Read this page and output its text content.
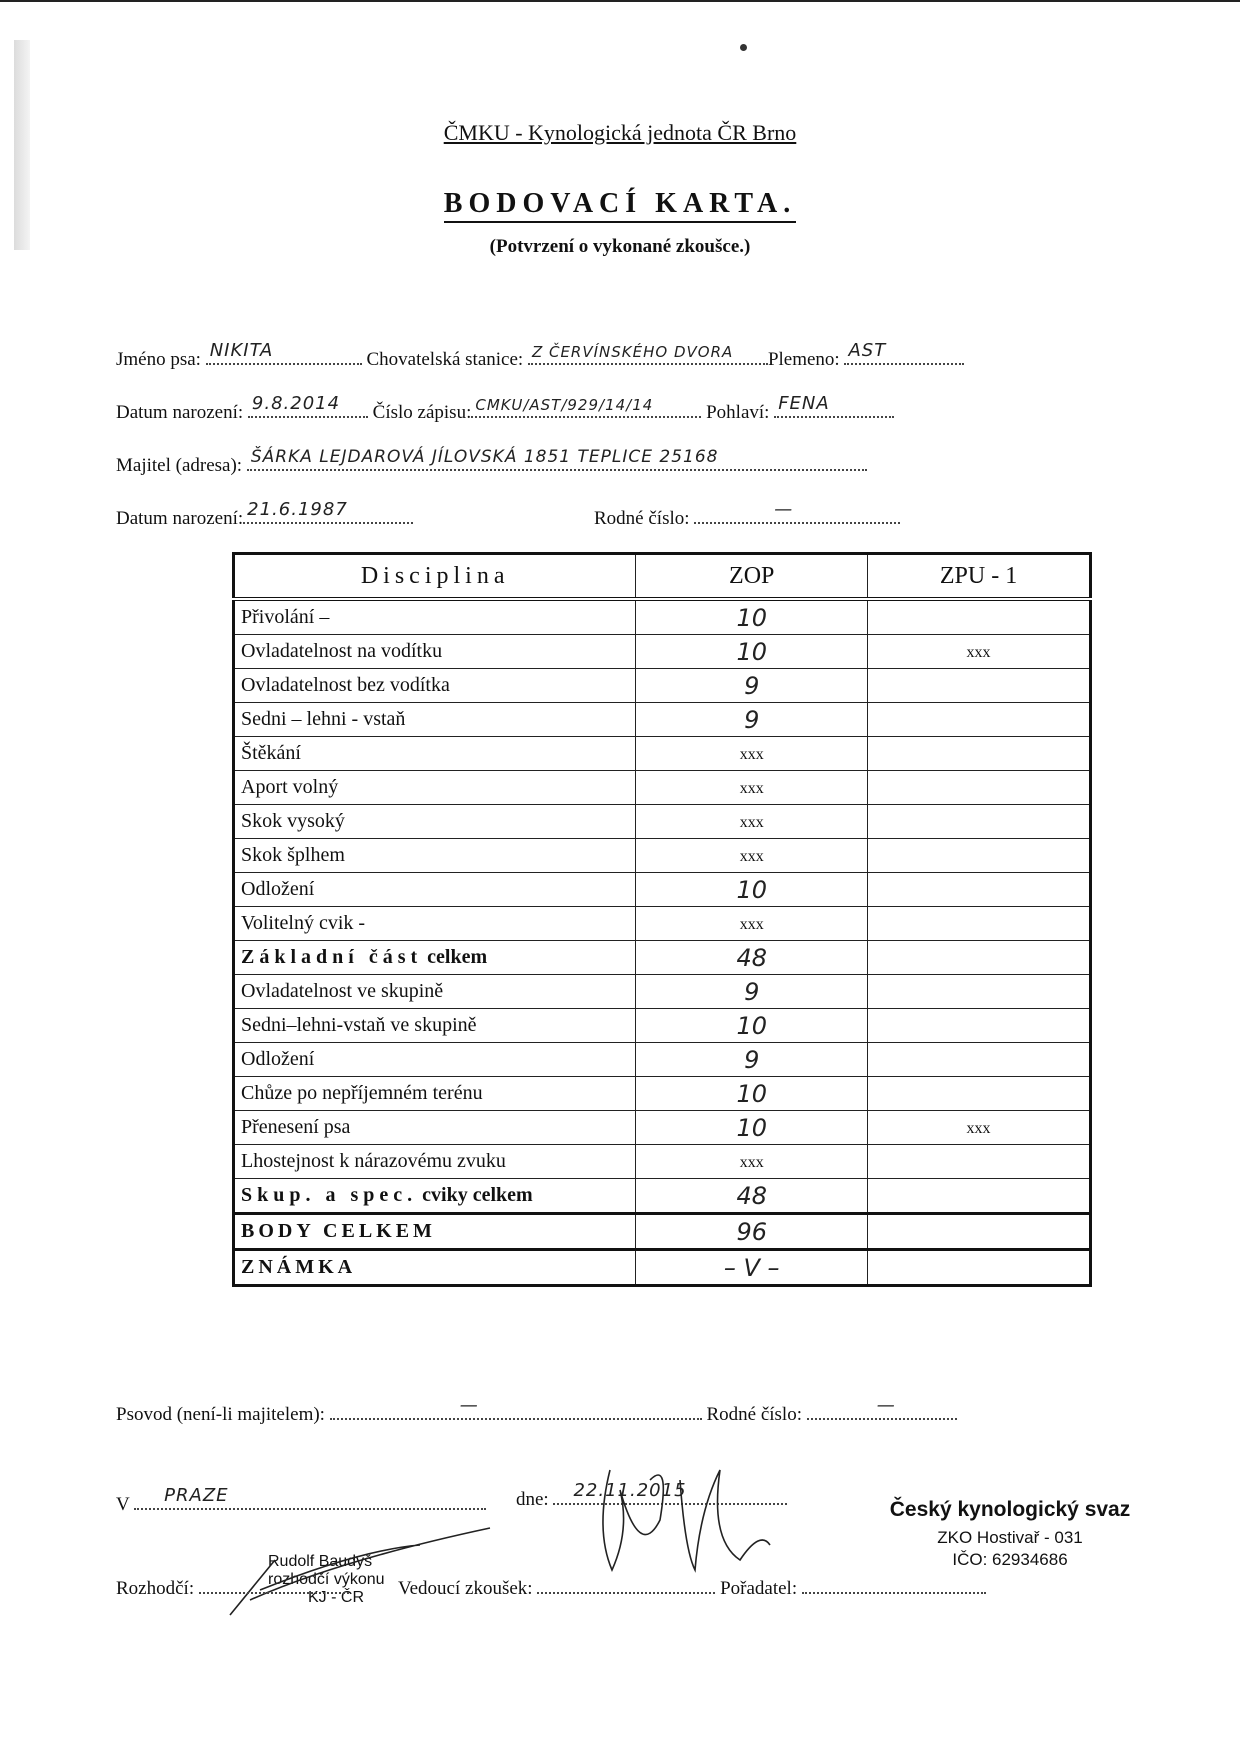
ČMKU - Kynologická jednota ČR Brno
BODOVACÍ KARTA.
(Potvrzení o vykonané zkoušce.)
Jméno psa: NIKITA	Chovatelská stanice: Z ČERVÍNSKÉHO DVORA Plemeno: AST
Datum narození: 9.8.2014 Číslo zápisu: CMKU/AST/929/14/14	Pohlaví: FENA
Majitel (adresa): ŠÁRKA LEJDAROVÁ JÍLOVSKÁ 1851 TEPLICE 25168
Datum narození: 21.6.1987	Rodné číslo:	—
Disciplina	ZOP	ZPU - 1
Přivolání –	10	
Ovladatelnost na vodítku	10	xxx
Ovladatelnost bez vodítka	9	
Sedni – lehni - vstaň	9	
Štěkání	xxx	
Aport volný	xxx	
Skok vysoký	xxx	
Skok šplhem	xxx	
Odložení	10	
Volitelný cvik -	xxx	
Základní část celkem	48	
Ovladatelnost ve skupině	9	
Sedni–lehni-vstaň ve skupině	10	
Odložení	9	
Chůze po nepříjemném terénu	10	
Přenesení psa	10	xxx
Lhostejnost k nárazovému zvuku	xxx	
Skup. a spec. cviky celkem	48	
BODY CELKEM	96	
ZNÁMKA	– V –	
Psovod (není-li majitelem):	—	Rodné číslo:	—
V PRAZE	dne: 22.11.2015
Český kynologický svaz
ZKO Hostivař - 031
IČO: 62934686
Rudolf Baudyš
rozhodčí výkonu
KJ - ČR
Rozhodčí:	Vedoucí zkoušek:	Pořadatel:
